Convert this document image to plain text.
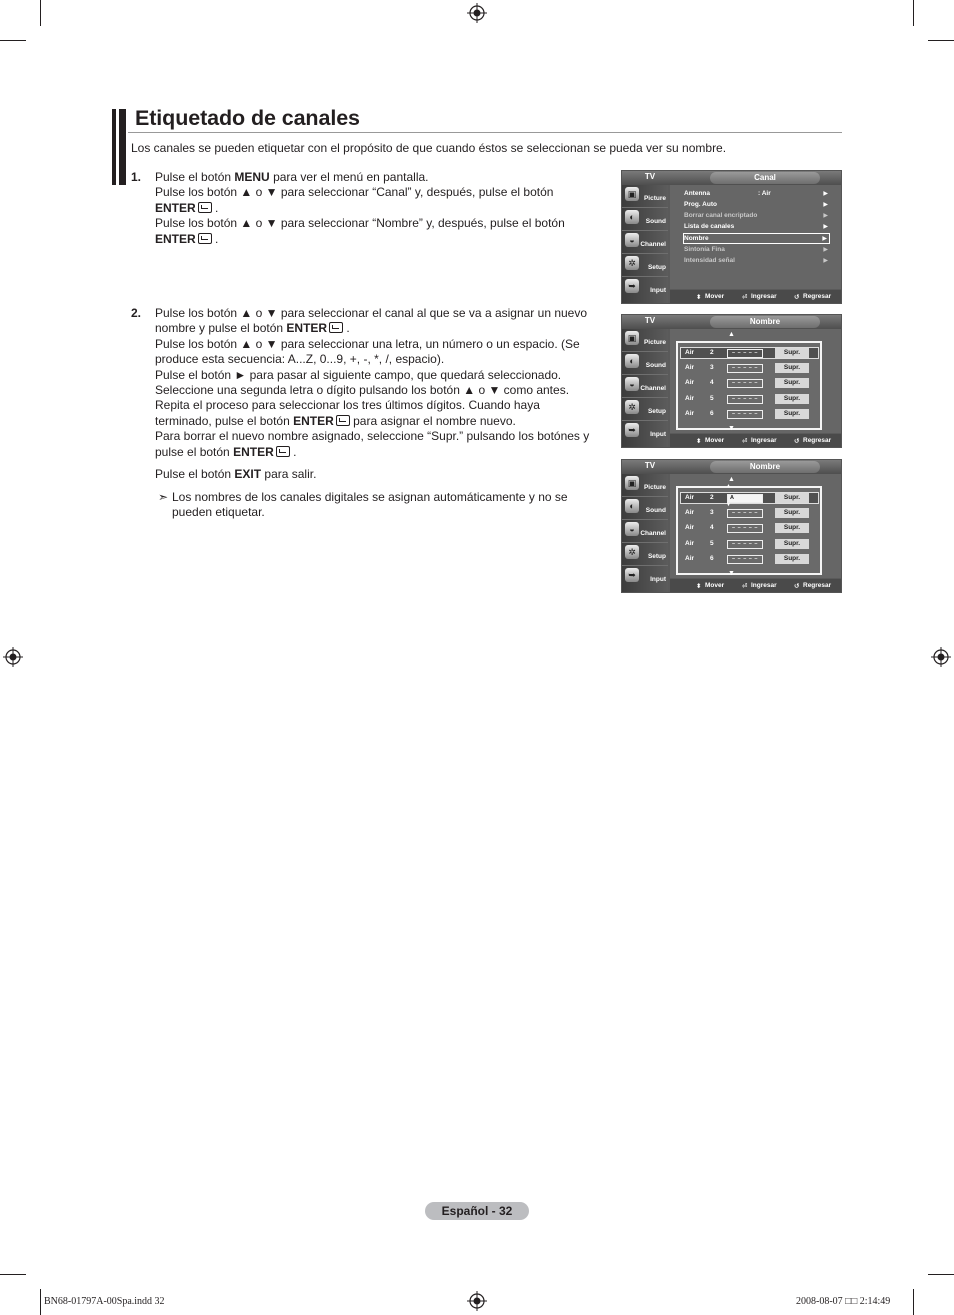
Etiquetado de canales

Los canales se pueden etiquetar con el propósito de que cuando éstos se seleccionan se pueda ver su nombre.

1. Pulse el botón MENU para ver el menú en pantalla.
Pulse los botón ▲ o ▼ para seleccionar “Canal” y, después, pulse el botón
ENTER .
Pulse los botón ▲ o ▼ para seleccionar “Nombre” y, después, pulse el botón
ENTER .
2. Pulse los botón ▲ o ▼ para seleccionar el canal al que se va a asignar un nuevo
nombre y pulse el botón ENTER .
Pulse los botón ▲ o ▼ para seleccionar una letra, un número o un espacio. (Se
produce esta secuencia: A...Z, 0...9, +, -, *, /, espacio).
Pulse el botón ► para pasar al siguiente campo, que quedará seleccionado.
Seleccione una segunda letra o dígito pulsando los botón ▲ o ▼ como antes.
Repita el proceso para seleccionar los tres últimos dígitos. Cuando haya
terminado, pulse el botón ENTER para asignar el nombre nuevo.
Para borrar el nuevo nombre asignado, seleccione “Supr.” pulsando los botónes y
pulse el botón ENTER .
Pulse el botón EXIT para salir.
➣ Los nombres de los canales digitales se asignan automáticamente y no se pueden etiquetar.
TV	Canal
▣	Picture
◐	Sound
◒ Channel
✲	Setup
➥	Input
Antenna	: Air	▶
Prog. Auto	▶
Borrar canal encriptado	▶
Lista de canales	▶
Nombre	▶
Sintonía Fina	▶
Intensidad señal	▶
⬍ Mover	⏎ Ingresar	↺ Regresar
TV	Nombre
▣	Picture
◐	Sound
◒ Channel
✲	Setup
➥	Input
▲
Air 2	– – – – –	Supr.
Air 3	– – – – –	Supr.
Air 4	– – – – –	Supr.
Air 5	– – – – –	Supr.
Air 6	– – – – –	Supr.
▼
⬍ Mover	⏎ Ingresar	↺ Regresar
TV	Nombre
▣	Picture
◐	Sound
◒ Channel
✲	Setup
➥	Input
▲
▲
Air 2	A	Supr.
▼
Air 3	– – – – –	Supr.
Air 4	– – – – –	Supr.
Air 5	– – – – –	Supr.
Air 6	– – – – –	Supr.
▼
⬍ Mover	⏎ Ingresar	↺ Regresar
Español - 32
BN68-01797A-00Spa.indd 32	2008-08-07 □□ 2:14:49
